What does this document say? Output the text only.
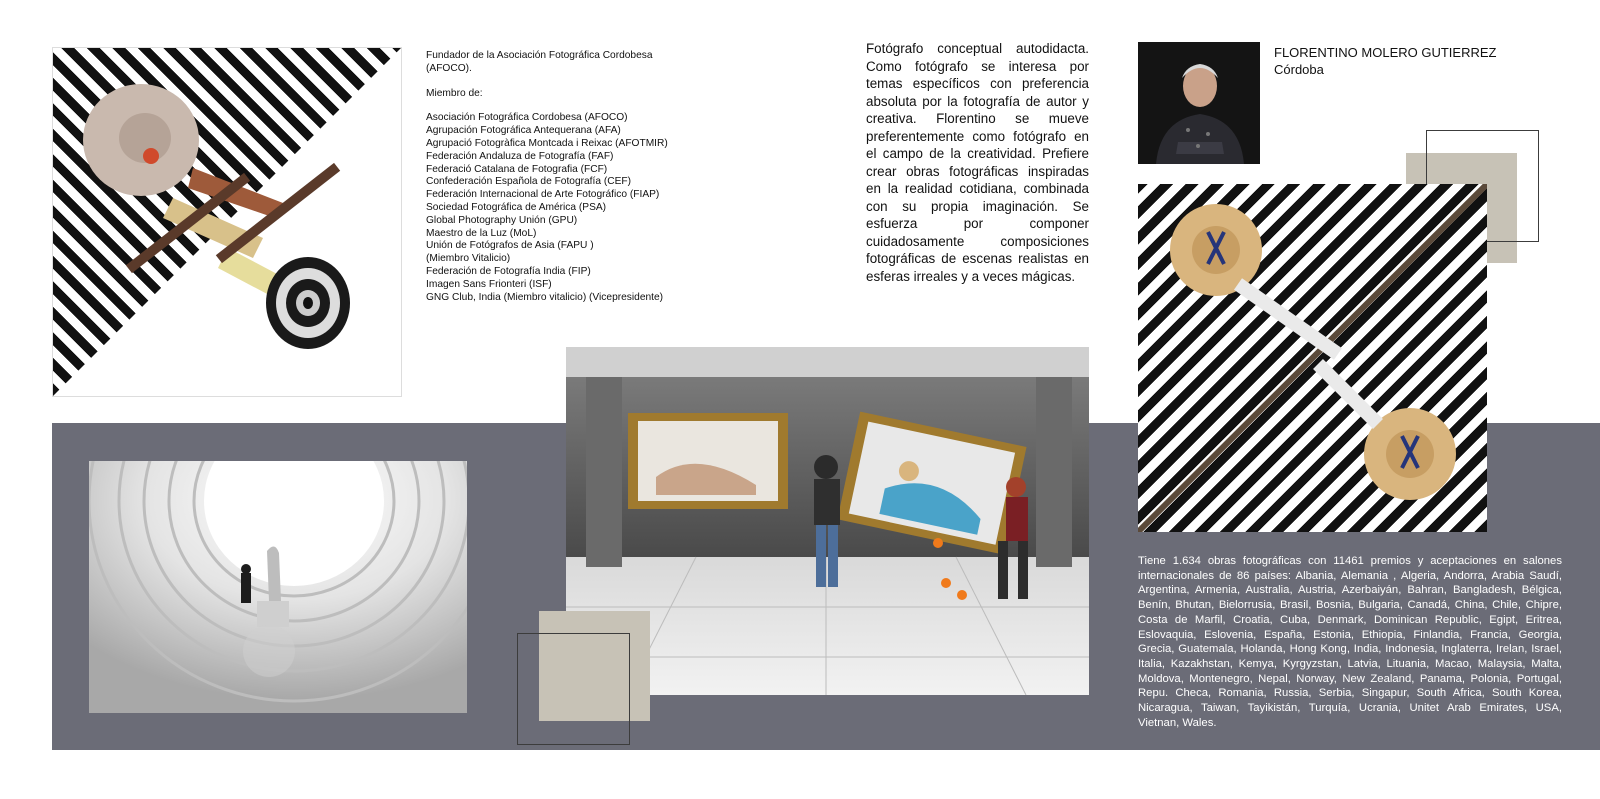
Fundador de la Asociación Fotográfica Cordobesa (AFOCO).

Miembro de:

Asociación Fotográfica Cordobesa (AFOCO)
Agrupación Fotográfica Antequerana (AFA)
Agrupació Fotogràfica Montcada i Reixac (AFOTMIR)
Federación Andaluza de Fotografía (FAF)
Federació Catalana de Fotografia (FCF)
Confederación Española de Fotografía (CEF)
Federación Internacional de Arte Fotográfico (FIAP)
Sociedad Fotográfica de América (PSA)
Global Photography Unión (GPU)
Maestro de la Luz (MoL)
Unión de Fotógrafos de Asia (FAPU )
(Miembro Vitalicio)
Federación de Fotografía India (FIP)
Imagen Sans Frionteri (ISF)
GNG Club, India (Miembro vitalicio) (Vicepresidente)
Fotógrafo conceptual autodidacta. Como fotógrafo se interesa por temas específicos con preferencia absoluta por la fotografía de autor y creativa. Florentino se mueve preferentemente como fotógrafo en el campo de la creatividad. Prefiere crear obras fotográficas inspiradas en la realidad cotidiana, combinada con su propia imaginación. Se esfuerza por componer cuidadosamente composiciones fotográficas de escenas realistas en esferas irreales y a veces mágicas.
FLORENTINO MOLERO GUTIERREZ
Córdoba
Tiene 1.634 obras fotográficas con 11461 premios y aceptaciones en salones internacionales de 86 países: Albania, Alemania , Algeria, Andorra, Arabia Saudí, Argentina, Armenia, Australia, Austria, Azerbaiyán, Bahran, Bangladesh, Bélgica, Benín, Bhutan, Bielorrusia, Brasil, Bosnia, Bulgaria, Canadá, China, Chile, Chipre, Costa de Marfil, Croatia, Cuba, Denmark, Dominican Republic, Egipt, Eritrea, Eslovaquia, Eslovenia, España, Estonia, Ethiopia, Finlandia, Francia, Georgia, Grecia, Guatemala, Holanda, Hong Kong, India, Indonesia, Inglaterra, Irelan, Israel, Italia, Kazakhstan, Kemya, Kyrgyzstan, Latvia, Lituania, Macao, Malaysia, Malta, Moldova, Montenegro, Nepal, Norway, New Zealand, Panama, Polonia, Portugal, Repu. Checa, Romania, Russia, Serbia, Singapur, South Africa, South Korea, Nicaragua, Taiwan, Tayikistán, Turquía, Ucrania, Unitet Arab Emirates, USA, Vietnan, Wales.
